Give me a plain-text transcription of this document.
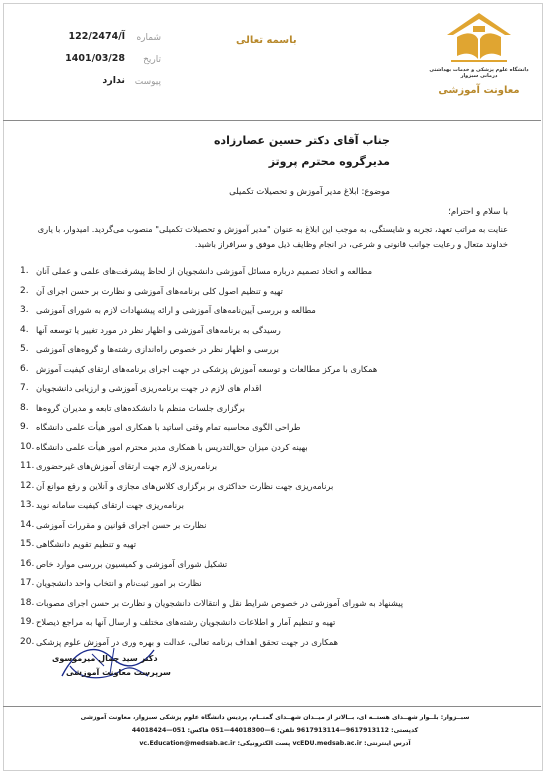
دانشگاه علوم پزشکی و خدمات بهداشتی درمانی سبزوار
معاونت آموزشی
باسمه تعالی
شماره
122/آ/2474
تاریخ
1401/03/28
پیوست
ندارد
جناب آقای دکتر حسین عصارزاده
مدیرگروه محترم پروتز
موضوع: ابلاغ مدیر آموزش و تحصیلات تکمیلی
با سلام و احترام؛
عنایت به مراتب تعهد، تجربه و شایستگی، به موجب این ابلاغ به عنوان "مدیر آموزش و تحصیلات تکمیلی" منصوب می‌گردید. امیدوار، با یاری خداوند متعال و رعایت جوانب قانونی و شرعی، در انجام وظایف ذیل موفق و سرافراز باشید.
1. مطالعه و اتخاذ تصمیم درباره مسائل آموزشی دانشجویان از لحاظ پیشرفت‌های علمی و عملی آنان
2. تهیه و تنظیم اصول کلی برنامه‌های آموزشی و نظارت بر حسن اجرای آن
3. مطالعه و بررسی آیین‌نامه‌های آموزشی و ارائه پیشنهادات لازم به شورای آموزشی
4. رسیدگی به برنامه‌های آموزشی و اظهار نظر در مورد تغییر یا توسعه آنها
5. بررسی و اظهار نظر در خصوص راه‌اندازی رشته‌ها و گروه‌های آموزشی
6. همکاری با مرکز مطالعات و توسعه آموزش پزشکی در جهت اجرای برنامه‌های ارتقای کیفیت آموزش
7. اقدام های لازم در جهت برنامه‌ریزی آموزشی و ارزیابی دانشجویان
8. برگزاری جلسات منظم با دانشکده‌های تابعه و مدیران گروه‌ها
9. طراحی الگوی محاسبه تمام وقتی اساتید با همکاری امور هیأت علمی دانشگاه
10. بهینه کردن میزان حق‌التدریس با همکاری مدیر محترم امور هیأت علمی دانشگاه
11. برنامه‌ریزی لازم جهت ارتقای آموزش‌های غیرحضوری
12. برنامه‌ریزی جهت نظارت حداکثری بر برگزاری کلاس‌های مجازی و آنلاین و رفع موانع آن
13. برنامه‌ریزی جهت ارتقای کیفیت سامانه نوید
14. نظارت بر حسن اجرای قوانین و مقررات آموزشی
15. تهیه و تنظیم تقویم دانشگاهی
16. تشکیل شورای آموزشی و کمیسیون بررسی موارد خاص
17. نظارت بر امور ثبت‌نام و انتخاب واحد دانشجویان
18. پیشنهاد به شورای آموزشی در خصوص شرایط نقل و انتقالات دانشجویان و نظارت بر حسن اجرای مصوبات
19. تهیه و تنظیم آمار و اطلاعات دانشجویان رشته‌های مختلف و ارسال آنها به مراجع ذیصلاح
20. همکاری در جهت تحقق اهداف برنامه تعالی، عدالت و بهره وری در آموزش علوم پزشکی
دکتر سید جمال میرموسوی
سرپرست معاونت آموزشی
سبــزوار: بلــوار شهــدای هستــه ای، بــالاتر از میــدان شهــدای گمنــام، پردیس دانشگاه علوم پزشکی سبزوار، معاونت آموزشی
کدپستی: 9617913112—9617913114 تلفن: 6—44018300—051 فاکس: 051—44018424
آدرس اینترنتی: vcEDU.medsab.ac.ir پست الکترونیکی: vc.Education@medsab.ac.ir
